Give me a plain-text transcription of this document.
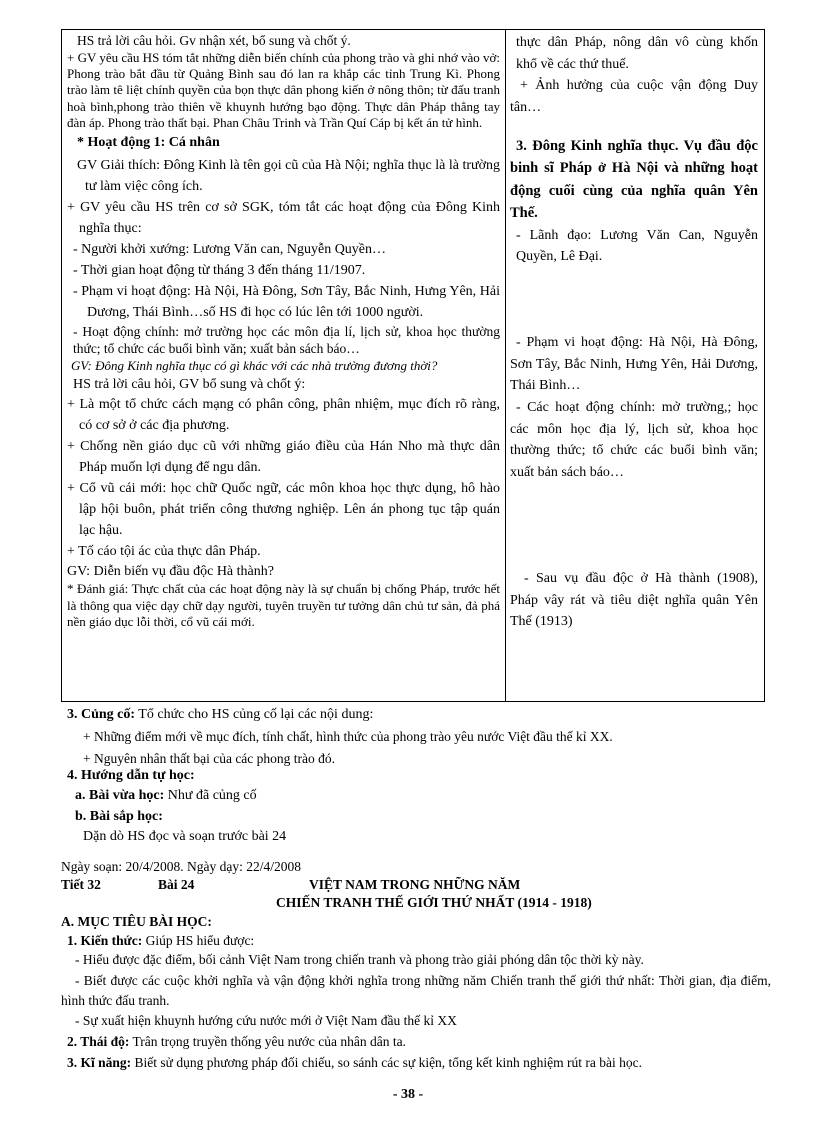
HS trả lời câu hỏi. Gv nhận xét, bổ sung và chốt ý.

+ GV yêu cầu HS tóm tắt những diễn biến chính của phong trào và ghi nhớ vào vở: Phong trào bắt đầu từ Quảng Bình sau đó lan ra khắp các tỉnh Trung Kì. Phong trào làm tê liệt chính quyền của bọn thực dân phong kiến ở nông thôn; từ đấu tranh hoà bình,phong trào thiên về khuynh hướng bạo động. Thực dân Pháp thẳng tay đàn áp. Phong trào thất bại. Phan Châu Trinh và Trần Quí Cáp bị kết án tử hình.

* Hoạt động 1: Cá nhân

GV Giải thích: Đông Kinh là tên gọi cũ của Hà Nội; nghĩa thục là là trường tư làm việc công ích.

+ GV yêu cầu HS trên cơ sở SGK, tóm tắt các hoạt động của Đông Kinh nghĩa thục:

- Người khởi xướng: Lương Văn can, Nguyễn Quyền…

- Thời gian hoạt động từ tháng 3 đến tháng 11/1907.

- Phạm vi hoạt động: Hà Nội, Hà Đông, Sơn Tây, Bắc Ninh, Hưng Yên, Hải Dương, Thái Bình…số HS đi học có lúc lên tới 1000 người.

- Hoạt động chính: mở trường học các môn địa lí, lịch sử, khoa học thường thức; tổ chức các buổi bình văn; xuất bản sách báo…

GV: Đông Kinh nghĩa thục có gì khác với các nhà trường đương thời?

HS trả lời câu hỏi, GV bổ sung và chốt ý:

+ Là một tổ chức cách mạng có phân công, phân nhiệm, mục đích rõ ràng, có cơ sở ở các địa phương.

+ Chống nền giáo dục cũ với những giáo điều của Hán Nho mà thực dân Pháp muốn lợi dụng để ngu dân.

+ Cổ vũ cái mới: học chữ Quốc ngữ, các môn khoa học thực dụng, hô hào lập hội buôn, phát triển công thương nghiệp. Lên án phong tục tập quán lạc hậu.

+ Tố cáo tội ác của thực dân Pháp.

GV: Diễn biến vụ đầu độc Hà thành?

* Đánh giá: Thực chất của các hoạt động này là sự chuẩn bị chống Pháp, trước hết là thông qua việc dạy chữ dạy người, tuyên truyền tư tưởng dân chủ tư sản, đả phá nền giáo dục lỗi thời, cổ vũ cái mới.

thực dân Pháp, nông dân vô cùng khốn khổ về các thứ thuế.

+ Ảnh hưởng của cuộc vận động Duy tân…

3. Đông Kinh nghĩa thục. Vụ đầu độc binh sĩ Pháp ở Hà Nội và những hoạt động cuối cùng của nghĩa quân Yên Thế.

- Lãnh đạo: Lương Văn Can, Nguyễn Quyền, Lê Đại.

- Phạm vi hoạt động: Hà Nội, Hà Đông, Sơn Tây, Bắc Ninh, Hưng Yên, Hải Dương, Thái Bình…

- Các hoạt động chính: mở trường,; học các môn học địa lý, lịch sử, khoa học thường thức; tổ chức các buổi bình văn; xuất bản sách báo…

- Sau vụ đầu độc ở Hà thành (1908), Pháp vây rát và tiêu diệt nghĩa quân Yên Thế (1913)

3. Củng cố: Tổ chức cho HS củng cố lại các nội dung:

+ Những điểm mới về mục đích, tính chất, hình thức của phong trào yêu nước Việt đầu thế kỉ XX.

+ Nguyên nhân thất bại của các phong trào đó.

4. Hướng dẫn tự học:

a. Bài vừa học: Như đã củng cố

b. Bài sắp học:

Dặn dò HS đọc và soạn trước bài 24

Ngày soạn: 20/4/2008. Ngày dạy: 22/4/2008

Tiết 32	Bài 24	VIỆT NAM TRONG NHỮNG NĂM
CHIẾN TRANH THẾ GIỚI THỨ NHẤT (1914 - 1918)

A. MỤC TIÊU BÀI HỌC:

1. Kiến thức: Giúp HS hiểu được:

- Hiểu được đặc điểm, bối cảnh Việt Nam trong chiến tranh và phong trào giải phóng dân tộc thời kỳ này.

- Biết được các cuộc khởi nghĩa và vận động khởi nghĩa trong những năm Chiến tranh thế giới thứ nhất: Thời gian, địa điểm, hình thức đấu tranh.

- Sự xuất hiện khuynh hướng cứu nước mới ở Việt Nam đầu thế kỉ XX

2. Thái độ: Trân trọng truyền thống yêu nước của nhân dân ta.

3. Kĩ năng: Biết sử dụng phương pháp đối chiếu, so sánh các sự kiện, tổng kết kinh nghiệm rút ra bài học.

- 38 -
